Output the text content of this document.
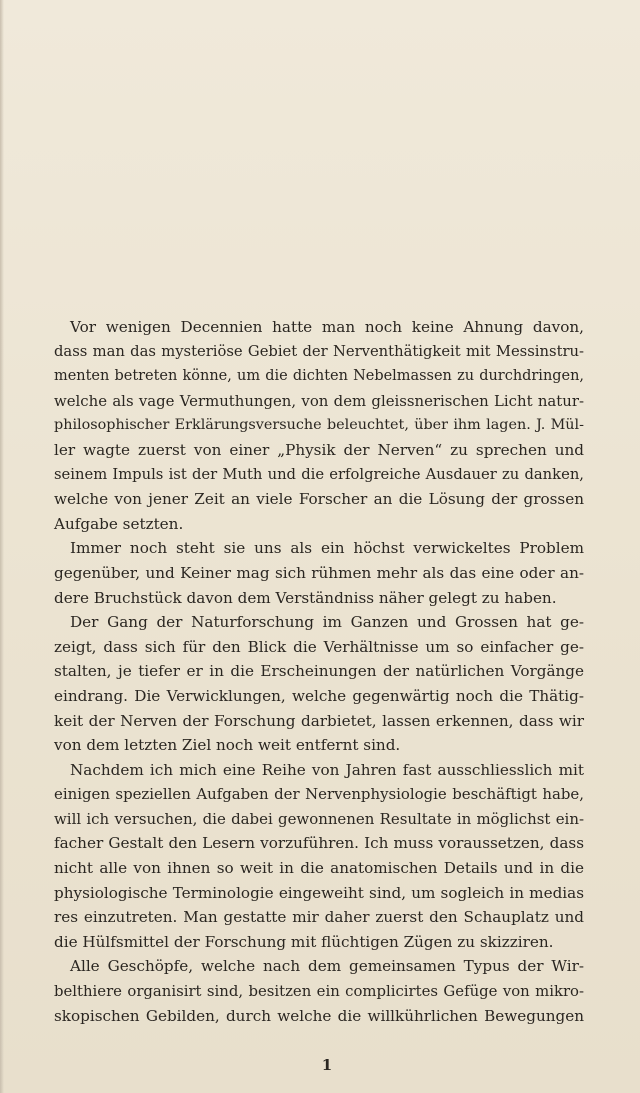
Vor wenigen Decennien hatte man noch keine Ahnung davon,
dass man das mysteriöse Gebiet der Nerventhätigkeit mit Messinstru-
menten betreten könne, um die dichten Nebelmassen zu durchdringen,
welche als vage Vermuthungen, von dem gleissnerischen Licht natur-
philosophischer Erklärungsversuche beleuchtet, über ihm lagen. J. Mül-
ler wagte zuerst von einer „Physik der Nerven“ zu sprechen und
seinem Impuls ist der Muth und die erfolgreiche Ausdauer zu danken,
welche von jener Zeit an viele Forscher an die Lösung der grossen
Aufgabe setzten.
Immer noch steht sie uns als ein höchst verwickeltes Problem
gegenüber, und Keiner mag sich rühmen mehr als das eine oder an-
dere Bruchstück davon dem Verständniss näher gelegt zu haben.
Der Gang der Naturforschung im Ganzen und Grossen hat ge-
zeigt, dass sich für den Blick die Verhältnisse um so einfacher ge-
stalten, je tiefer er in die Erscheinungen der natürlichen Vorgänge
eindrang. Die Verwicklungen, welche gegenwärtig noch die Thätig-
keit der Nerven der Forschung darbietet, lassen erkennen, dass wir
von dem letzten Ziel noch weit entfernt sind.
Nachdem ich mich eine Reihe von Jahren fast ausschliesslich mit
einigen speziellen Aufgaben der Nervenphysiologie beschäftigt habe,
will ich versuchen, die dabei gewonnenen Resultate in möglichst ein-
facher Gestalt den Lesern vorzuführen. Ich muss voraussetzen, dass
nicht alle von ihnen so weit in die anatomischen Details und in die
physiologische Terminologie eingeweiht sind, um sogleich in medias
res einzutreten. Man gestatte mir daher zuerst den Schauplatz und
die Hülfsmittel der Forschung mit flüchtigen Zügen zu skizziren.
Alle Geschöpfe, welche nach dem gemeinsamen Typus der Wir-
belthiere organisirt sind, besitzen ein complicirtes Gefüge von mikro-
skopischen Gebilden, durch welche die willkührlichen Bewegungen
1
